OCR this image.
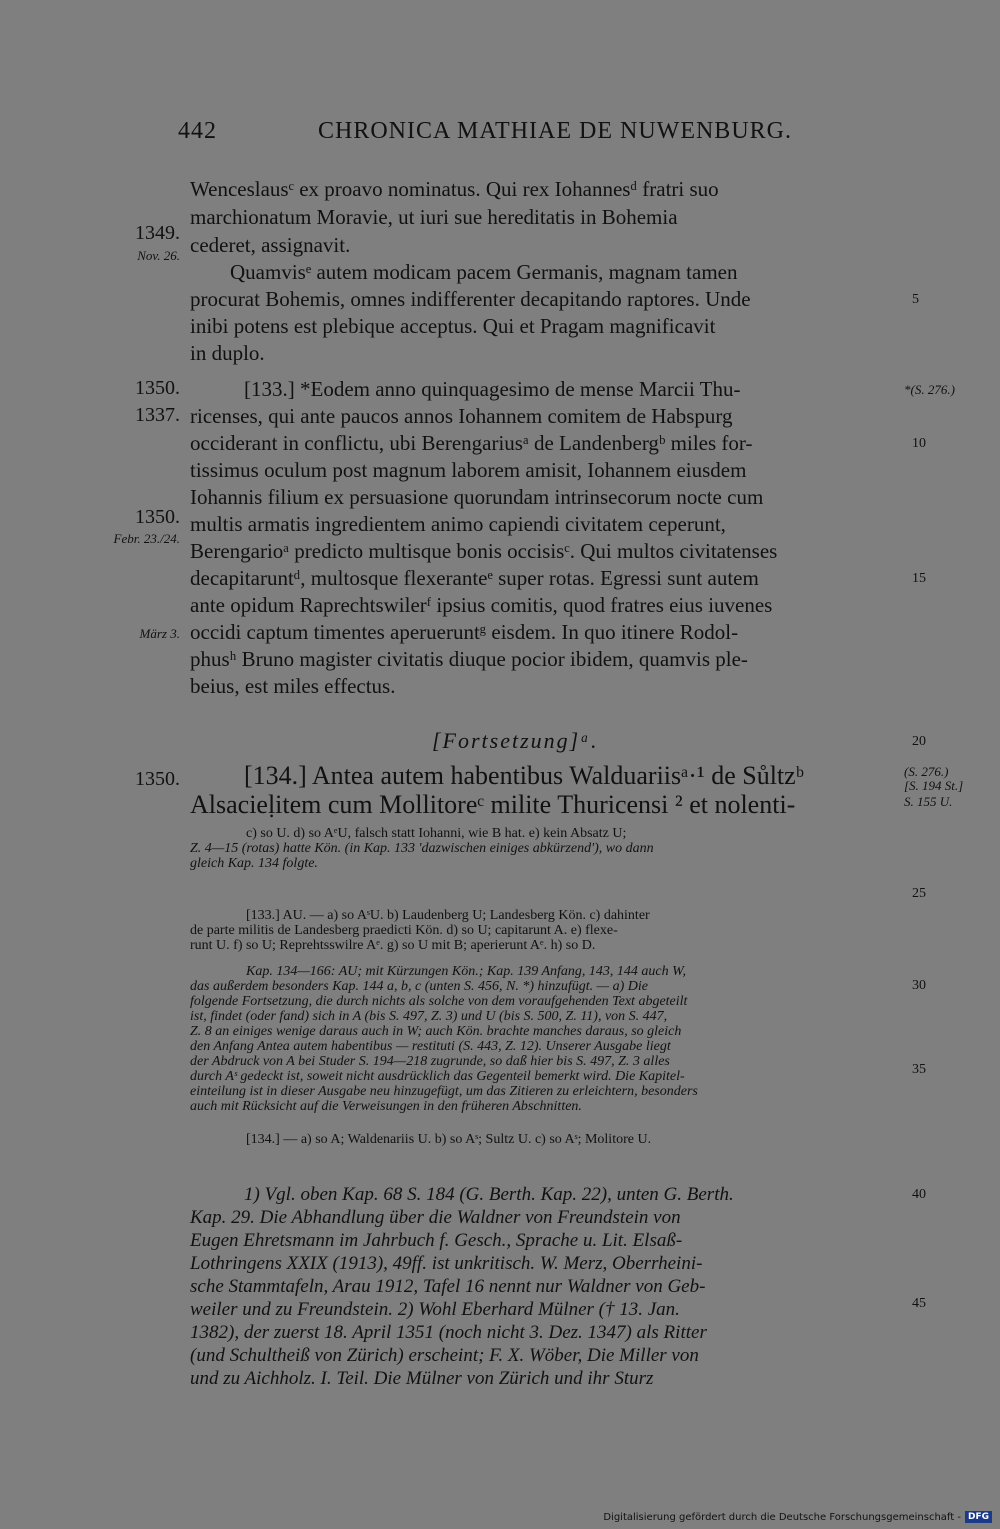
442	CHRONICA MATHIAE DE NUWENBURG.
Wenceslausᶜ ex proavo nominatus. Qui rex Iohannesᵈ fratri suo
marchionatum Moravie, ut iuri sue hereditatis in Bohemia
cederet, assignavit.
Quamvisᵉ autem modicam pacem Germanis, magnam tamen
procurat Bohemis, omnes indifferenter decapitando raptores. Unde
inibi potens est plebique acceptus. Qui et Pragam magnificavit
in duplo.
[133.] *Eodem anno quinquagesimo de mense Marcii Thu-
ricenses, qui ante paucos annos Iohannem comitem de Habspurg
occiderant in conflictu, ubi Berengariusᵃ de Landenbergᵇ miles for-
tissimus oculum post magnum laborem amisit, Iohannem eiusdem
Iohannis filium ex persuasione quorundam intrinsecorum nocte cum
multis armatis ingredientem animo capiendi civitatem ceperunt,
Berengarioᵃ predicto multisque bonis occisisᶜ. Qui multos civitatenses
decapitaruntᵈ, multosque flexeranteᵉ super rotas. Egressi sunt autem
ante opidum Raprechtswilerᶠ ipsius comitis, quod fratres eius iuvenes
occidi captum timentes aperueruntᵍ eisdem. In quo itinere Rodol-
phusʰ Bruno magister civitatis diuque pocior ibidem, quamvis ple-
beius, est miles effectus.
[Fortsetzung]ᵃ.
[134.] Antea autem habentibus Walduariisᵃ·¹ de Sůltzᵇ
Alsacieḷitem cum Mollitoreᶜ milite Thuricensi ² et nolenti-
1349.
Nov. 26.
1350.
1337.
1350.
Febr. 23./24.
März 3.
1350.
5
*(S. 276.)
10
15
20
(S. 276.)
[S. 194 St.]
S. 155 U.
25
30
35
40
45
c) so U. d) so AᵉU, falsch statt Iohanni, wie B hat. e) kein Absatz U;
Z. 4—15 (rotas) hatte Kön. (in Kap. 133 'dazwischen einiges abkürzend'), wo dann
gleich Kap. 134 folgte.
[133.] AU. — a) so AˢU. b) Laudenberg U; Landesberg Kön. c) dahinter
de parte militis de Landesberg praedicti Kön. d) so U; capitarunt A. e) flexe-
runt U. f) so U; Reprehtsswilre Aᵉ. g) so U mit B; aperierunt Aᵉ. h) so D.
Kap. 134—166: AU; mit Kürzungen Kön.; Kap. 139 Anfang, 143, 144 auch W,
das außerdem besonders Kap. 144 a, b, c (unten S. 456, N. *) hinzufügt. — a) Die
folgende Fortsetzung, die durch nichts als solche von dem voraufgehenden Text abgeteilt
ist, findet (oder fand) sich in A (bis S. 497, Z. 3) und U (bis S. 500, Z. 11), von S. 447,
Z. 8 an einiges wenige daraus auch in W; auch Kön. brachte manches daraus, so gleich
den Anfang Antea autem habentibus — restituti (S. 443, Z. 12). Unserer Ausgabe liegt
der Abdruck von A bei Studer S. 194—218 zugrunde, so daß hier bis S. 497, Z. 3 alles
durch Aˢ gedeckt ist, soweit nicht ausdrücklich das Gegenteil bemerkt wird. Die Kapitel-
einteilung ist in dieser Ausgabe neu hinzugefügt, um das Zitieren zu erleichtern, besonders
auch mit Rücksicht auf die Verweisungen in den früheren Abschnitten.
[134.] — a) so A; Waldenariis U. b) so Aˢ; Sultz U. c) so Aˢ; Molitore U.
1) Vgl. oben Kap. 68 S. 184 (G. Berth. Kap. 22), unten G. Berth.
Kap. 29. Die Abhandlung über die Waldner von Freundstein von
Eugen Ehretsmann im Jahrbuch f. Gesch., Sprache u. Lit. Elsaß-
Lothringens XXIX (1913), 49ff. ist unkritisch. W. Merz, Oberrheini-
sche Stammtafeln, Arau 1912, Tafel 16 nennt nur Waldner von Geb-
weiler und zu Freundstein. 2) Wohl Eberhard Mülner († 13. Jan.
1382), der zuerst 18. April 1351 (noch nicht 3. Dez. 1347) als Ritter
(und Schultheiß von Zürich) erscheint; F. X. Wöber, Die Miller von
und zu Aichholz. I. Teil. Die Mülner von Zürich und ihr Sturz
Digitalisierung gefördert durch die Deutsche Forschungsgemeinschaft - DFG
